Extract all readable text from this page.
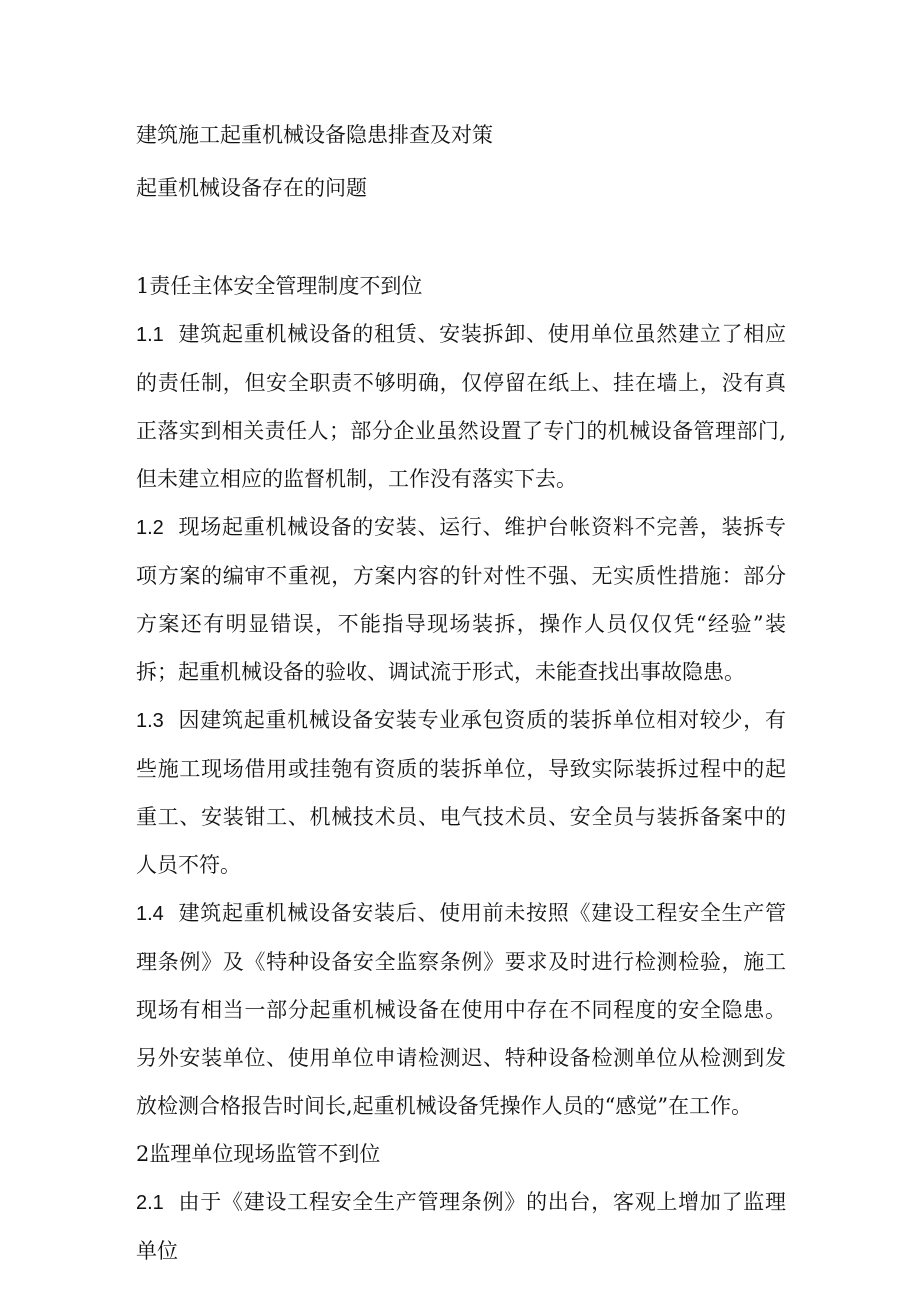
建筑施工起重机械设备隐患排查及对策
起重机械设备存在的问题
1责任主体安全管理制度不到位

1.1 建筑起重机械设备的租赁、安装拆卸、使用单位虽然建立了相应的责任制，但安全职责不够明确，仅停留在纸上、挂在墙上，没有真正落实到相关责任人；部分企业虽然设置了专门的机械设备管理部门,但未建立相应的监督机制，工作没有落实下去。

1.2 现场起重机械设备的安装、运行、维护台帐资料不完善，装拆专项方案的编审不重视，方案内容的针对性不强、无实质性措施：部分方案还有明显错误，不能指导现场装拆，操作人员仅仅凭“经验”装拆；起重机械设备的验收、调试流于形式，未能查找出事故隐患。

1.3 因建筑起重机械设备安装专业承包资质的装拆单位相对较少，有些施工现场借用或挂匏有资质的装拆单位，导致实际装拆过程中的起重工、安装钳工、机械技术员、电气技术员、安全员与装拆备案中的人员不符。

1.4 建筑起重机械设备安装后、使用前未按照《建设工程安全生产管理条例》及《特种设备安全监察条例》要求及时进行检测检验，施工现场有相当一部分起重机械设备在使用中存在不同程度的安全隐患。另外安装单位、使用单位申请检测迟、特种设备检测单位从检测到发放检测合格报告时间长,起重机械设备凭操作人员的“感觉”在工作。

2监理单位现场监管不到位

2.1 由于《建设工程安全生产管理条例》的出台，客观上增加了监理单位
